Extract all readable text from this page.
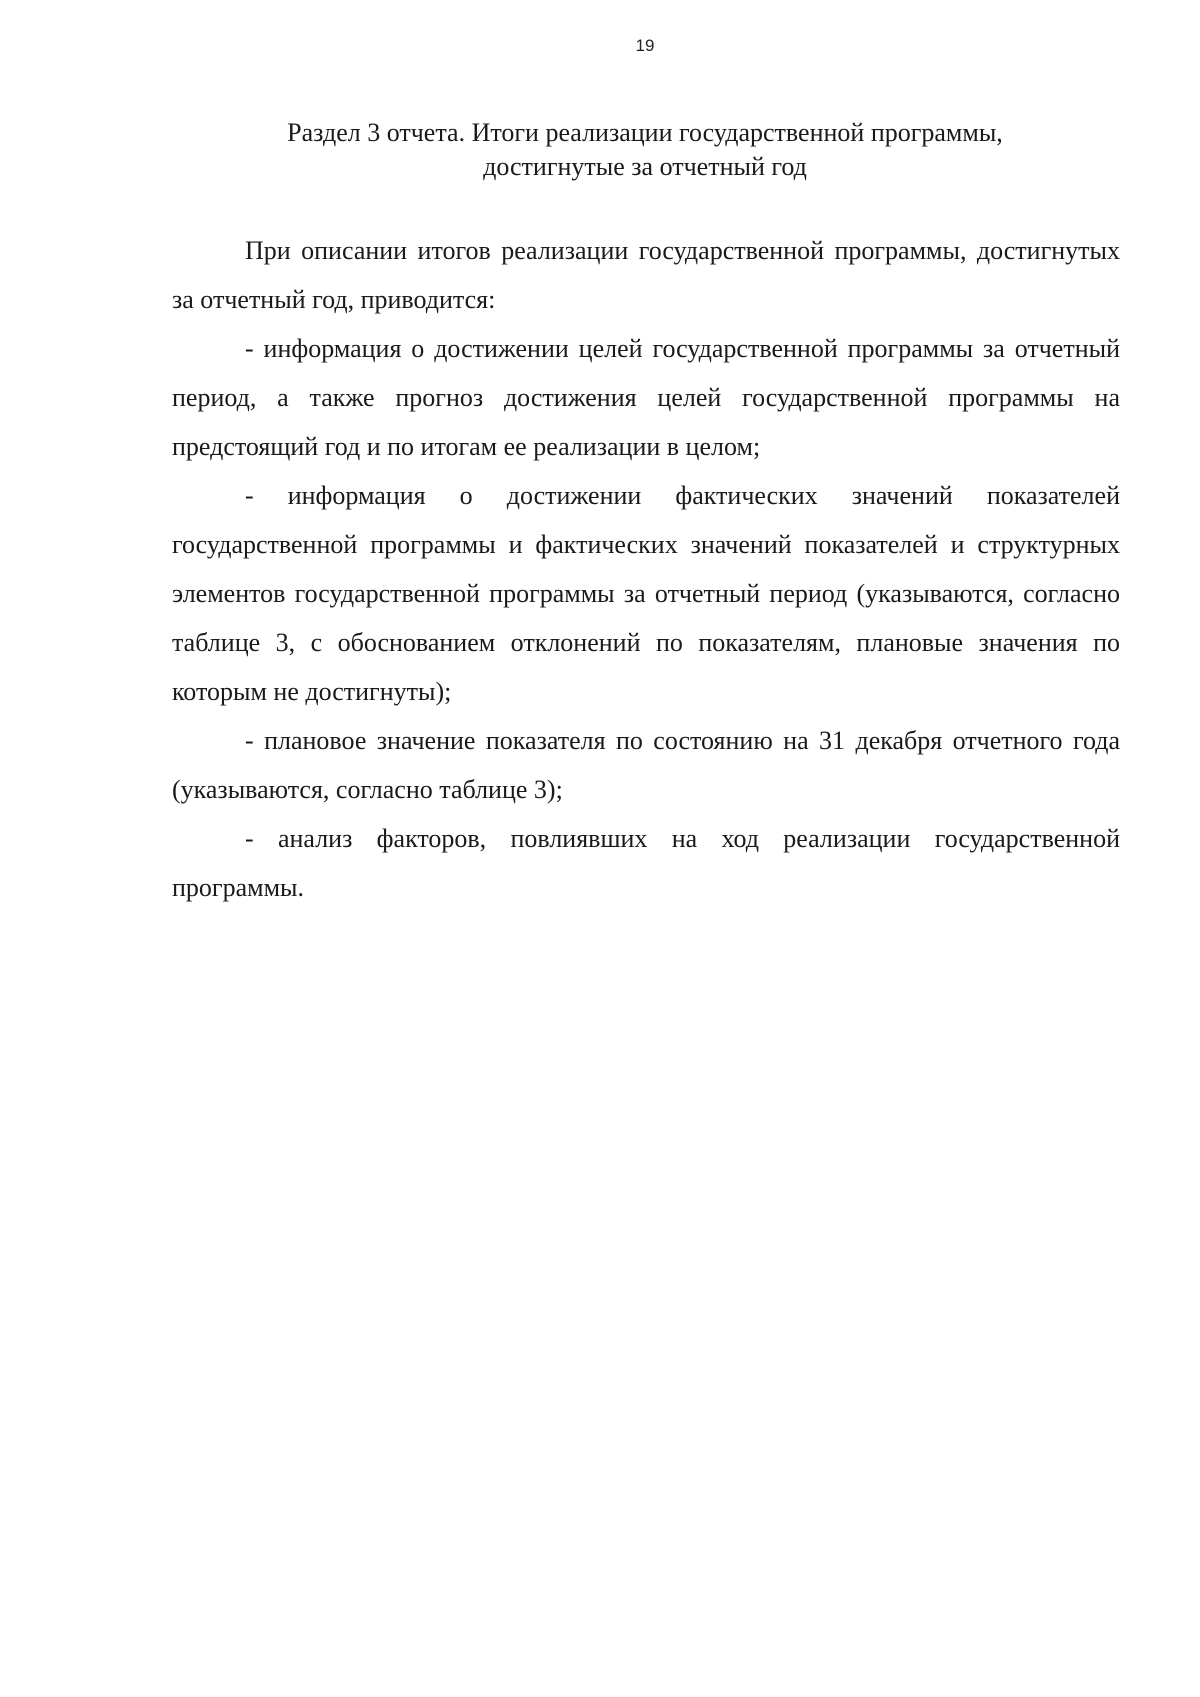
19
Раздел 3 отчета. Итоги реализации государственной программы,
достигнутые за отчетный год

При описании итогов реализации государственной программы, достигнутых за отчетный год, приводится:

- информация о достижении целей государственной программы за отчетный период, а также прогноз достижения целей государственной программы на предстоящий год и по итогам ее реализации в целом;

- информация о достижении фактических значений показателей государственной программы и фактических значений показателей и структурных элементов государственной программы за отчетный период (указываются, согласно таблице 3, с обоснованием отклонений по показателям, плановые значения по которым не достигнуты);

- плановое значение показателя по состоянию на 31 декабря отчетного года (указываются, согласно таблице 3);

- анализ факторов, повлиявших на ход реализации государственной программы.
